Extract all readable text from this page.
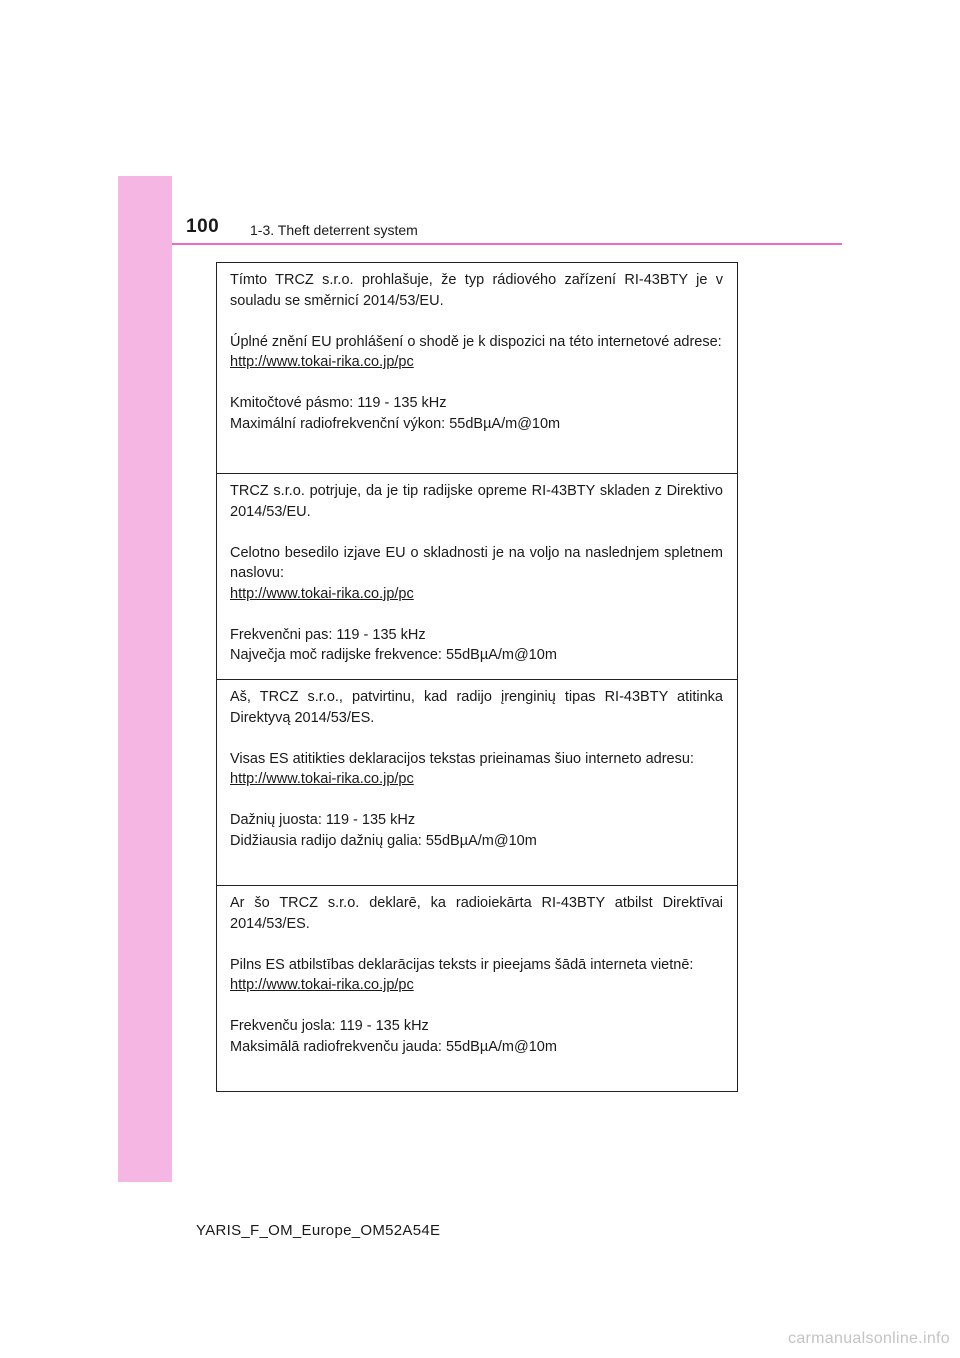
100 1-3. Theft deterrent system

Tímto TRCZ s.r.o. prohlašuje, že typ rádiového zařízení RI-43BTY je v souladu se směrnicí 2014/53/EU.

Úplné znění EU prohlášení o shodě je k dispozici na této internetové adrese:

http://www.tokai-rika.co.jp/pc

Kmitočtové pásmo: 119 - 135 kHz

Maximální radiofrekvenční výkon: 55dBµA/m@10m

TRCZ s.r.o. potrjuje, da je tip radijske opreme RI-43BTY skladen z Direktivo 2014/53/EU.

Celotno besedilo izjave EU o skladnosti je na voljo na naslednjem spletnem naslovu:

http://www.tokai-rika.co.jp/pc

Frekvenčni pas: 119 - 135 kHz

Največja moč radijske frekvence: 55dBµA/m@10m

Aš, TRCZ s.r.o., patvirtinu, kad radijo įrenginių tipas RI-43BTY atitinka Direktyvą 2014/53/ES.

Visas ES atitikties deklaracijos tekstas prieinamas šiuo interneto adresu:

http://www.tokai-rika.co.jp/pc

Dažnių juosta: 119 - 135 kHz

Didžiausia radijo dažnių galia: 55dBµA/m@10m

Ar šo TRCZ s.r.o. deklarē, ka radioiekārta RI-43BTY atbilst Direktīvai 2014/53/ES.

Pilns ES atbilstības deklarācijas teksts ir pieejams šādā interneta vietnē:

http://www.tokai-rika.co.jp/pc

Frekvenču josla: 119 - 135 kHz

Maksimālā radiofrekvenču jauda: 55dBµA/m@10m

YARIS_F_OM_Europe_OM52A54E
carmanualsonline.info
